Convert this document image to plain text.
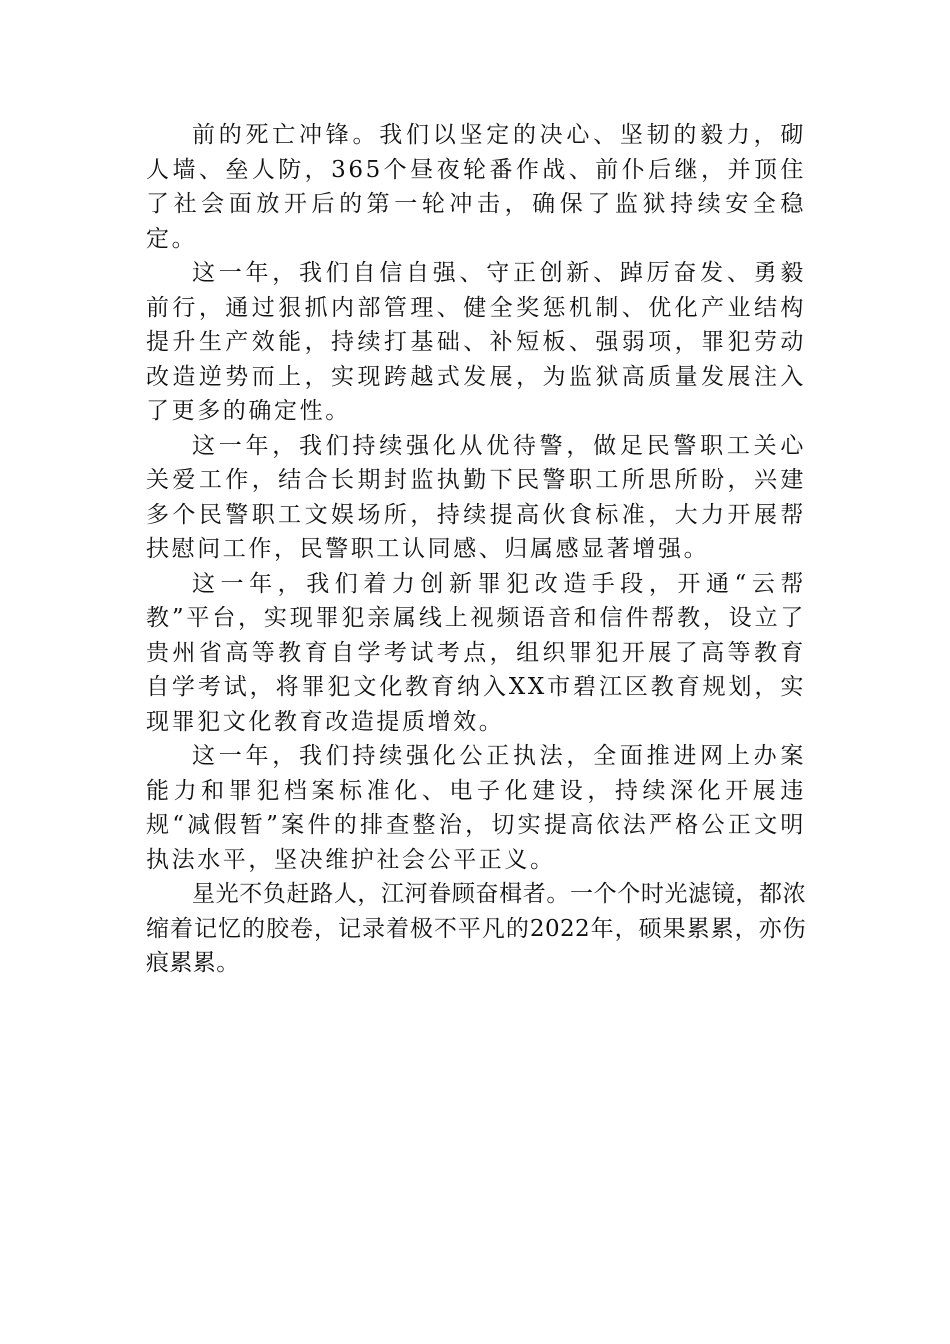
前的死亡冲锋。我们以坚定的决心、坚韧的毅力，砌人墙、垒人防，365个昼夜轮番作战、前仆后继，并顶住了社会面放开后的第一轮冲击，确保了监狱持续安全稳定。

这一年，我们自信自强、守正创新、踔厉奋发、勇毅前行，通过狠抓内部管理、健全奖惩机制、优化产业结构提升生产效能，持续打基础、补短板、强弱项，罪犯劳动改造逆势而上，实现跨越式发展，为监狱高质量发展注入了更多的确定性。

这一年，我们持续强化从优待警，做足民警职工关心关爱工作，结合长期封监执勤下民警职工所思所盼，兴建多个民警职工文娱场所，持续提高伙食标准，大力开展帮扶慰问工作，民警职工认同感、归属感显著增强。

这一年，我们着力创新罪犯改造手段，开通“云帮教”平台，实现罪犯亲属线上视频语音和信件帮教，设立了贵州省高等教育自学考试考点，组织罪犯开展了高等教育自学考试，将罪犯文化教育纳入XX市碧江区教育规划，实现罪犯文化教育改造提质增效。

这一年，我们持续强化公正执法，全面推进网上办案能力和罪犯档案标准化、电子化建设，持续深化开展违规“减假暂”案件的排查整治，切实提高依法严格公正文明执法水平，坚决维护社会公平正义。

星光不负赶路人，江河眷顾奋楫者。一个个时光滤镜，都浓缩着记忆的胶卷，记录着极不平凡的2022年，硕果累累，亦伤痕累累。
